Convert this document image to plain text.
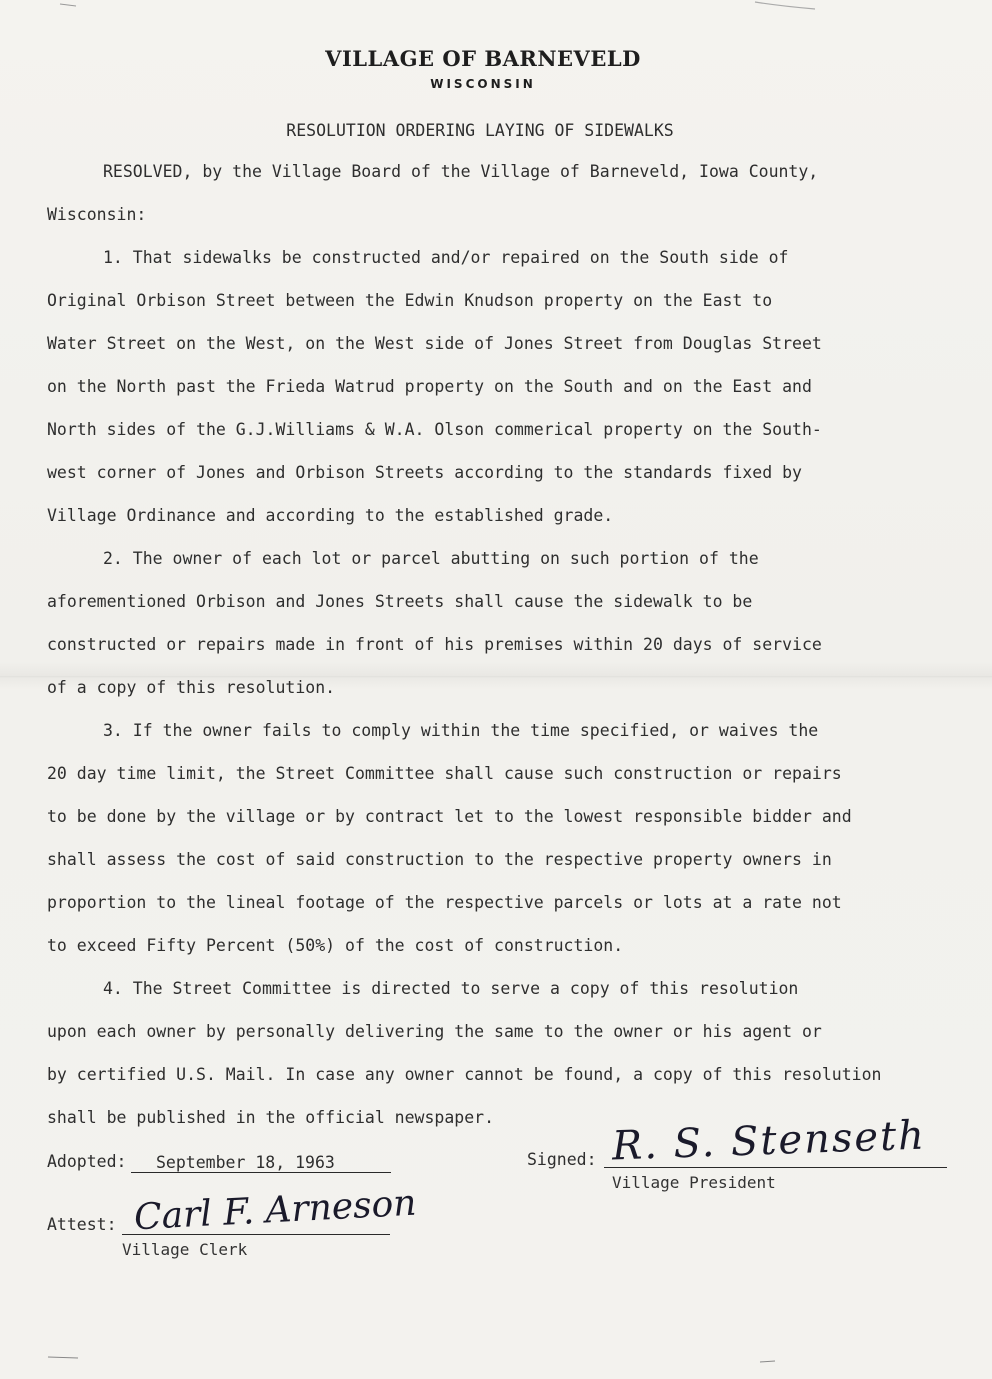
VILLAGE OF BARNEVELD
WISCONSIN
RESOLUTION ORDERING LAYING OF SIDEWALKS
RESOLVED, by the Village Board of the Village of Barneveld, Iowa County,
Wisconsin:
1. That sidewalks be constructed and/or repaired on the South side of
Original Orbison Street between the Edwin Knudson property on the East to
Water Street on the West, on the West side of Jones Street from Douglas Street
on the North past the Frieda Watrud property on the South and on the East and
North sides of the G.J.Williams & W.A. Olson commerical property on the South-
west corner of Jones and Orbison Streets according to the standards fixed by
Village Ordinance and according to the established grade.
2. The owner of each lot or parcel abutting on such portion of the
aforementioned Orbison and Jones Streets shall cause the sidewalk to be
constructed or repairs made in front of his premises within 20 days of service
of a copy of this resolution.
3. If the owner fails to comply within the time specified, or waives the
20 day time limit, the Street Committee shall cause such construction or repairs
to be done by the village or by contract let to the lowest responsible bidder and
shall assess the cost of said construction to the respective property owners in
proportion to the lineal footage of the respective parcels or lots at a rate not
to exceed Fifty Percent (50%) of the cost of construction.
4. The Street Committee is directed to serve a copy of this resolution
upon each owner by personally delivering the same to the owner or his agent or
by certified U.S. Mail. In case any owner cannot be found, a copy of this resolution
shall be published in the official newspaper.
Adopted: September 18, 1963	Signed: R. S. Stenseth
Village President
Attest: Carl F. Arneson
Village Clerk
